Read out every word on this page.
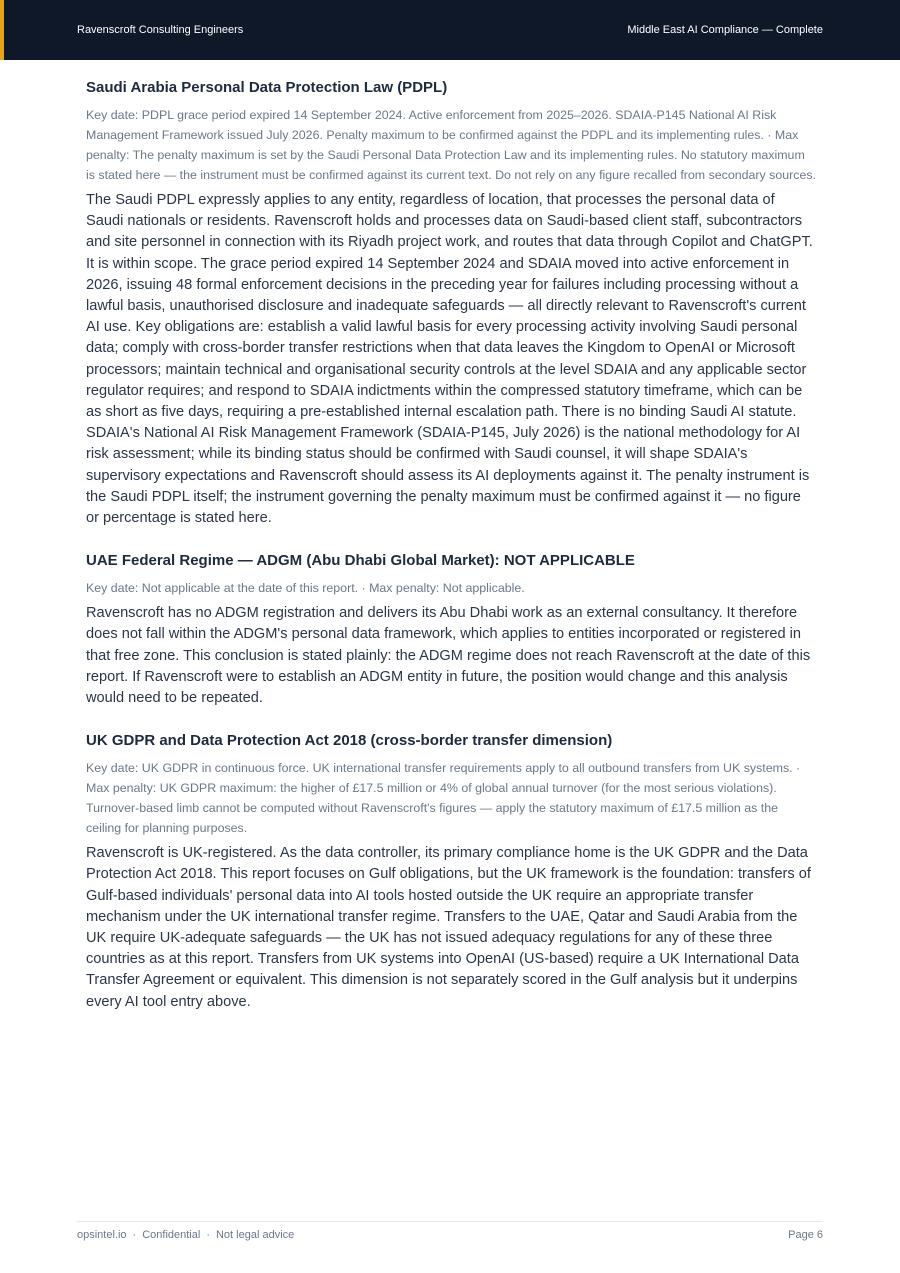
Ravenscroft Consulting Engineers	Middle East AI Compliance — Complete
Saudi Arabia Personal Data Protection Law (PDPL)

Key date: PDPL grace period expired 14 September 2024. Active enforcement from 2025–2026. SDAIA-P145 National AI Risk Management Framework issued July 2026. Penalty maximum to be confirmed against the PDPL and its implementing rules. · Max penalty: The penalty maximum is set by the Saudi Personal Data Protection Law and its implementing rules. No statutory maximum is stated here — the instrument must be confirmed against its current text. Do not rely on any figure recalled from secondary sources.

The Saudi PDPL expressly applies to any entity, regardless of location, that processes the personal data of Saudi nationals or residents. Ravenscroft holds and processes data on Saudi-based client staff, subcontractors and site personnel in connection with its Riyadh project work, and routes that data through Copilot and ChatGPT. It is within scope. The grace period expired 14 September 2024 and SDAIA moved into active enforcement in 2026, issuing 48 formal enforcement decisions in the preceding year for failures including processing without a lawful basis, unauthorised disclosure and inadequate safeguards — all directly relevant to Ravenscroft's current AI use. Key obligations are: establish a valid lawful basis for every processing activity involving Saudi personal data; comply with cross-border transfer restrictions when that data leaves the Kingdom to OpenAI or Microsoft processors; maintain technical and organisational security controls at the level SDAIA and any applicable sector regulator requires; and respond to SDAIA indictments within the compressed statutory timeframe, which can be as short as five days, requiring a pre-established internal escalation path. There is no binding Saudi AI statute. SDAIA's National AI Risk Management Framework (SDAIA-P145, July 2026) is the national methodology for AI risk assessment; while its binding status should be confirmed with Saudi counsel, it will shape SDAIA's supervisory expectations and Ravenscroft should assess its AI deployments against it. The penalty instrument is the Saudi PDPL itself; the instrument governing the penalty maximum must be confirmed against it — no figure or percentage is stated here.

UAE Federal Regime — ADGM (Abu Dhabi Global Market): NOT APPLICABLE

Key date: Not applicable at the date of this report. · Max penalty: Not applicable.

Ravenscroft has no ADGM registration and delivers its Abu Dhabi work as an external consultancy. It therefore does not fall within the ADGM's personal data framework, which applies to entities incorporated or registered in that free zone. This conclusion is stated plainly: the ADGM regime does not reach Ravenscroft at the date of this report. If Ravenscroft were to establish an ADGM entity in future, the position would change and this analysis would need to be repeated.

UK GDPR and Data Protection Act 2018 (cross-border transfer dimension)

Key date: UK GDPR in continuous force. UK international transfer requirements apply to all outbound transfers from UK systems. · Max penalty: UK GDPR maximum: the higher of £17.5 million or 4% of global annual turnover (for the most serious violations). Turnover-based limb cannot be computed without Ravenscroft's figures — apply the statutory maximum of £17.5 million as the ceiling for planning purposes.

Ravenscroft is UK-registered. As the data controller, its primary compliance home is the UK GDPR and the Data Protection Act 2018. This report focuses on Gulf obligations, but the UK framework is the foundation: transfers of Gulf-based individuals' personal data into AI tools hosted outside the UK require an appropriate transfer mechanism under the UK international transfer regime. Transfers to the UAE, Qatar and Saudi Arabia from the UK require UK-adequate safeguards — the UK has not issued adequacy regulations for any of these three countries as at this report. Transfers from UK systems into OpenAI (US-based) require a UK International Data Transfer Agreement or equivalent. This dimension is not separately scored in the Gulf analysis but it underpins every AI tool entry above.

opsintel.io · Confidential · Not legal advice	Page 6
